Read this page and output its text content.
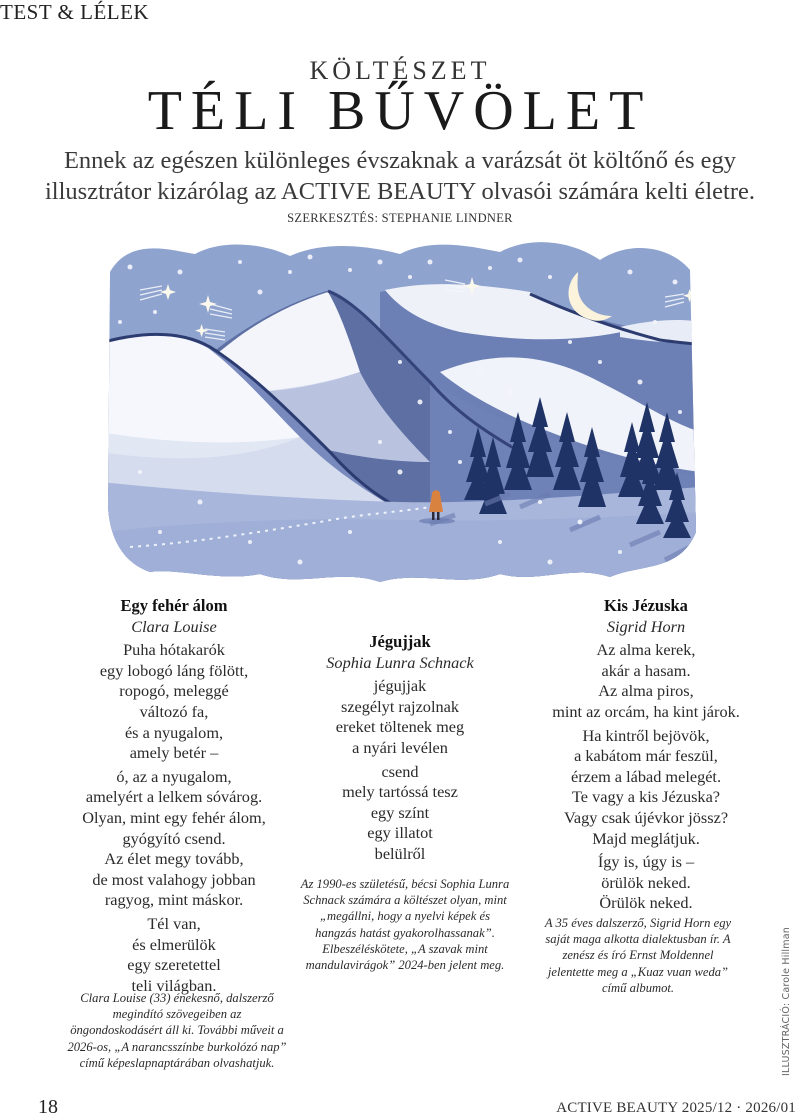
TEST & LÉLEK
KÖLTÉSZET
TÉLI BŰVÖLET
Ennek az egészen különleges évszaknak a varázsát öt költőnő és egy illusztrátor kizárólag az ACTIVE BEAUTY olvasói számára kelti életre.
SZERKESZTÉS: STEPHANIE LINDNER
Egy fehér álom
Clara Louise
Puha hótakarók
egy lobogó láng fölött,
ropogó, meleggé
változó fa,
és a nyugalom,
amely betér –
ó, az a nyugalom,
amelyért a lelkem sóvárog.
Olyan, mint egy fehér álom,
gyógyító csend.
Az élet megy tovább,
de most valahogy jobban
ragyog, mint máskor.
Tél van,
és elmerülök
egy szeretettel
teli világban.
Jégujjak
Sophia Lunra Schnack
jégujjak
szegélyt rajzolnak
ereket töltenek meg
a nyári levélen
csend
mely tartóssá tesz
egy színt
egy illatot
belülről
Kis Jézuska
Sigrid Horn
Az alma kerek,
akár a hasam.
Az alma piros,
mint az orcám, ha kint járok.
Ha kintről bejövök,
a kabátom már feszül,
érzem a lábad melegét.
Te vagy a kis Jézuska?
Vagy csak újévkor jössz?
Majd meglátjuk.
Így is, úgy is –
örülök neked.
Örülök neked.
Clara Louise (33) énekesnő, dalszerző megindító szövegeiben az öngondoskodásért áll ki. További műveit a 2026-os, „A narancsszínbe burkolózó nap” című képeslapnaptárában olvashatjuk.
Az 1990-es születésű, bécsi Sophia Lunra Schnack számára a költészet olyan, mint „megállni, hogy a nyelvi képek és hangzás hatást gyakorolhassanak”. Elbeszéléskötete, „A szavak mint mandulavirágok” 2024-ben jelent meg.
A 35 éves dalszerző, Sigrid Horn egy saját maga alkotta dialektusban ír. A zenész és író Ernst Moldennel jelentette meg a „Kuaz vuan weda” című albumot.	ILLUSZTRÁCIÓ: Carole Hillman
18	ACTIVE BEAUTY 2025/12 · 2026/01
